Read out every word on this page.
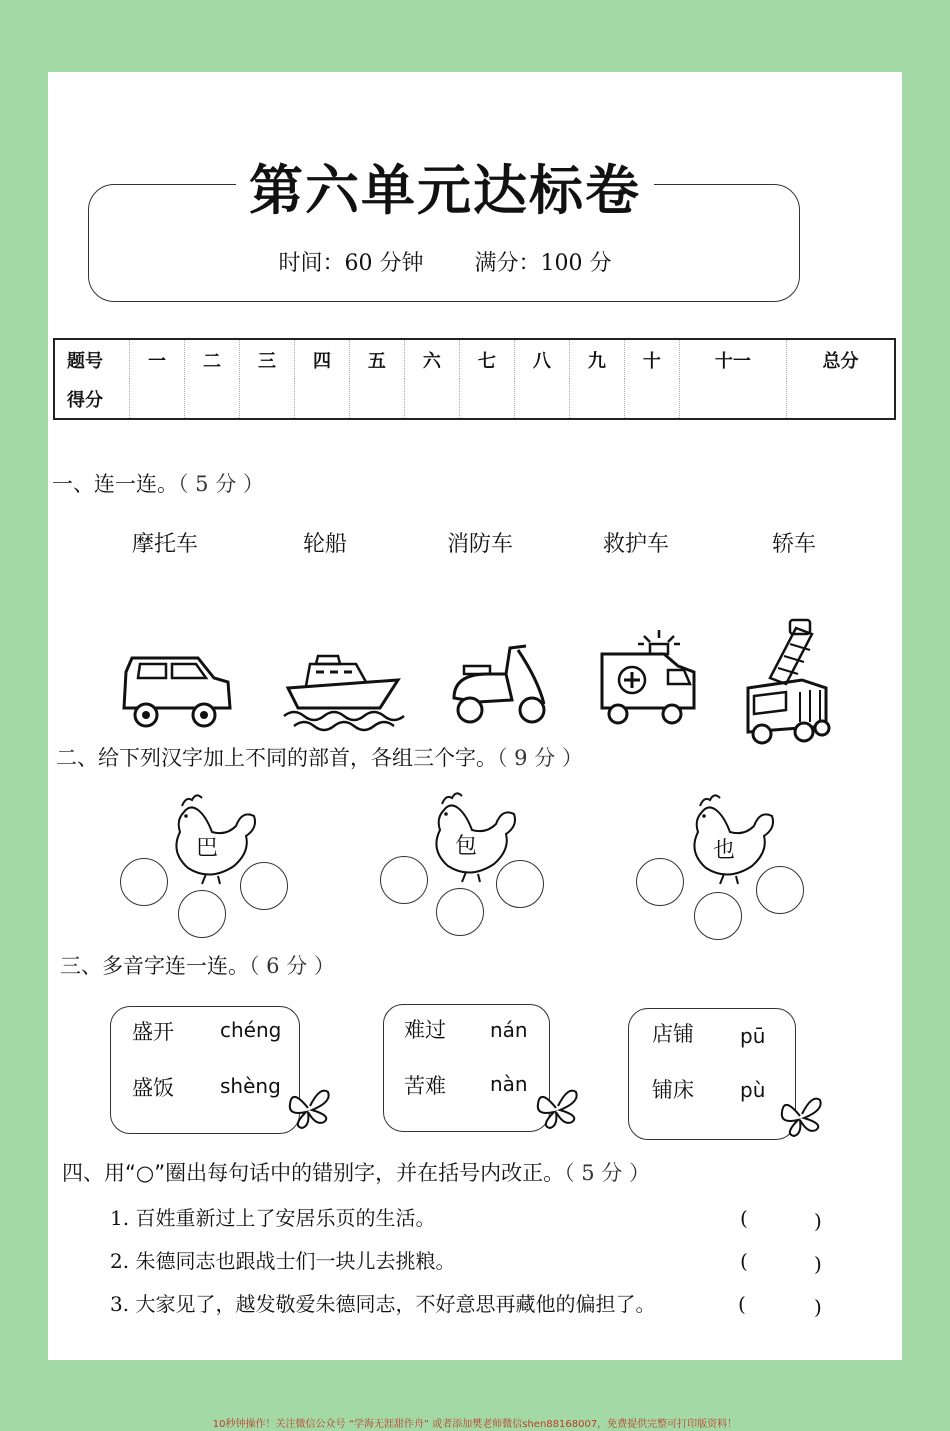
第六单元达标卷
时间：60 分钟 满分：100 分
题号	一	二	三	四	五	六	七	八	九	十	十一	总分
得分												
一、连一连。（ 5 分 ）
摩托车	轮船	消防车	救护车	轿车
二、给下列汉字加上不同的部首，各组三个字。（ 9 分 ）
巴	包	也
三、多音字连一连。（ 6 分 ）
盛开 chéng
盛饭 shèng
难过 nán
苦难 nàn
店铺 pū
铺床 pù
四、用“○”圈出每句话中的错别字，并在括号内改正。（ 5 分 ）
1. 百姓重新过上了安居乐页的生活。	(	)
2. 朱德同志也跟战士们一块儿去挑粮。	(	)
3. 大家见了，越发敬爱朱德同志，不好意思再藏他的偏担了。	(	)
10秒钟操作！关注微信公众号 “学海无涯甜作舟” 或者添加樊老师微信shen88168007，免费提供完整可打印版资料！
